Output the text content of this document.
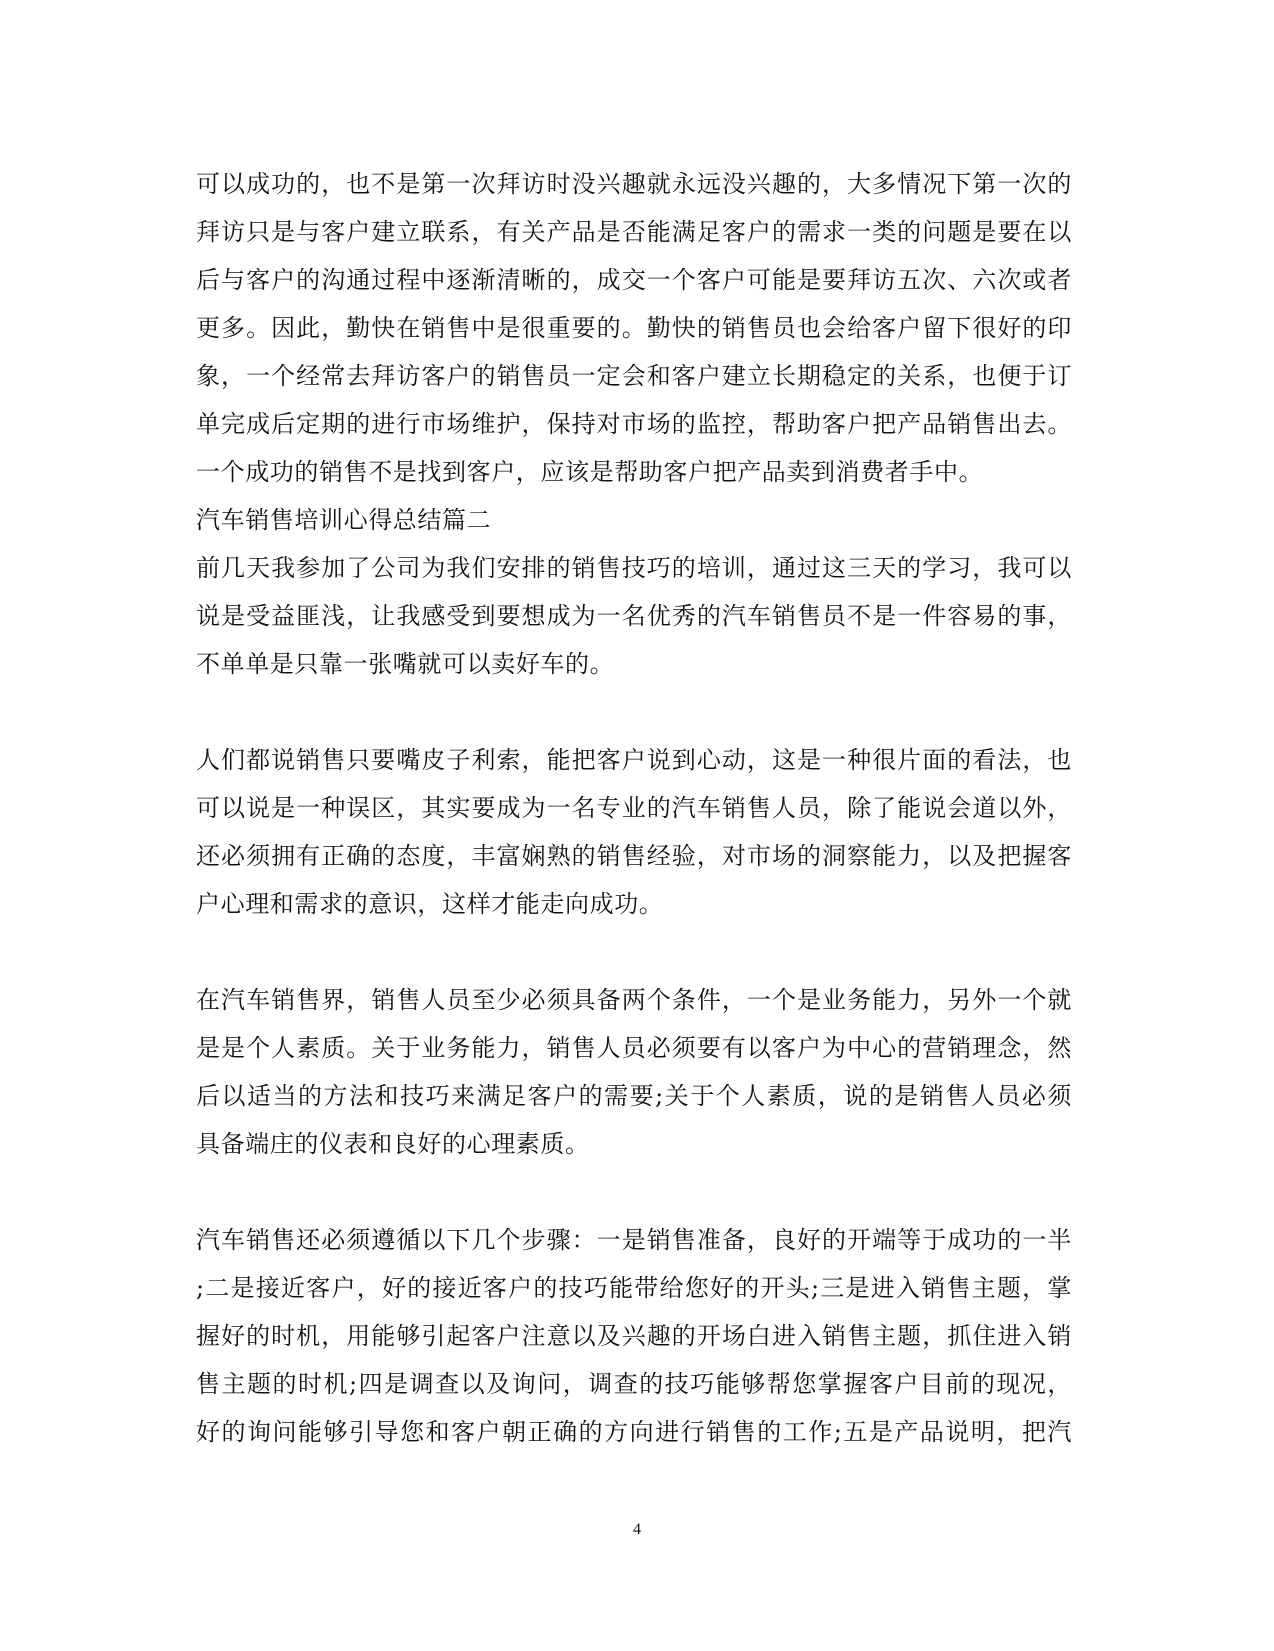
可以成功的，也不是第一次拜访时没兴趣就永远没兴趣的，大多情况下第一次的
拜访只是与客户建立联系，有关产品是否能满足客户的需求一类的问题是要在以
后与客户的沟通过程中逐渐清晰的，成交一个客户可能是要拜访五次、六次或者
更多。因此，勤快在销售中是很重要的。勤快的销售员也会给客户留下很好的印
象，一个经常去拜访客户的销售员一定会和客户建立长期稳定的关系，也便于订
单完成后定期的进行市场维护，保持对市场的监控，帮助客户把产品销售出去。
一个成功的销售不是找到客户，应该是帮助客户把产品卖到消费者手中。
汽车销售培训心得总结篇二
前几天我参加了公司为我们安排的销售技巧的培训，通过这三天的学习，我可以
说是受益匪浅，让我感受到要想成为一名优秀的汽车销售员不是一件容易的事，
不单单是只靠一张嘴就可以卖好车的。
人们都说销售只要嘴皮子利索，能把客户说到心动，这是一种很片面的看法，也
可以说是一种误区，其实要成为一名专业的汽车销售人员，除了能说会道以外，
还必须拥有正确的态度，丰富娴熟的销售经验，对市场的洞察能力，以及把握客
户心理和需求的意识，这样才能走向成功。
在汽车销售界，销售人员至少必须具备两个条件，一个是业务能力，另外一个就
是是个人素质。关于业务能力，销售人员必须要有以客户为中心的营销理念，然
后以适当的方法和技巧来满足客户的需要;关于个人素质，说的是销售人员必须
具备端庄的仪表和良好的心理素质。
汽车销售还必须遵循以下几个步骤：一是销售准备，良好的开端等于成功的一半
;二是接近客户，好的接近客户的技巧能带给您好的开头;三是进入销售主题，掌
握好的时机，用能够引起客户注意以及兴趣的开场白进入销售主题，抓住进入销
售主题的时机;四是调查以及询问，调查的技巧能够帮您掌握客户目前的现况，
好的询问能够引导您和客户朝正确的方向进行销售的工作;五是产品说明，把汽
4
